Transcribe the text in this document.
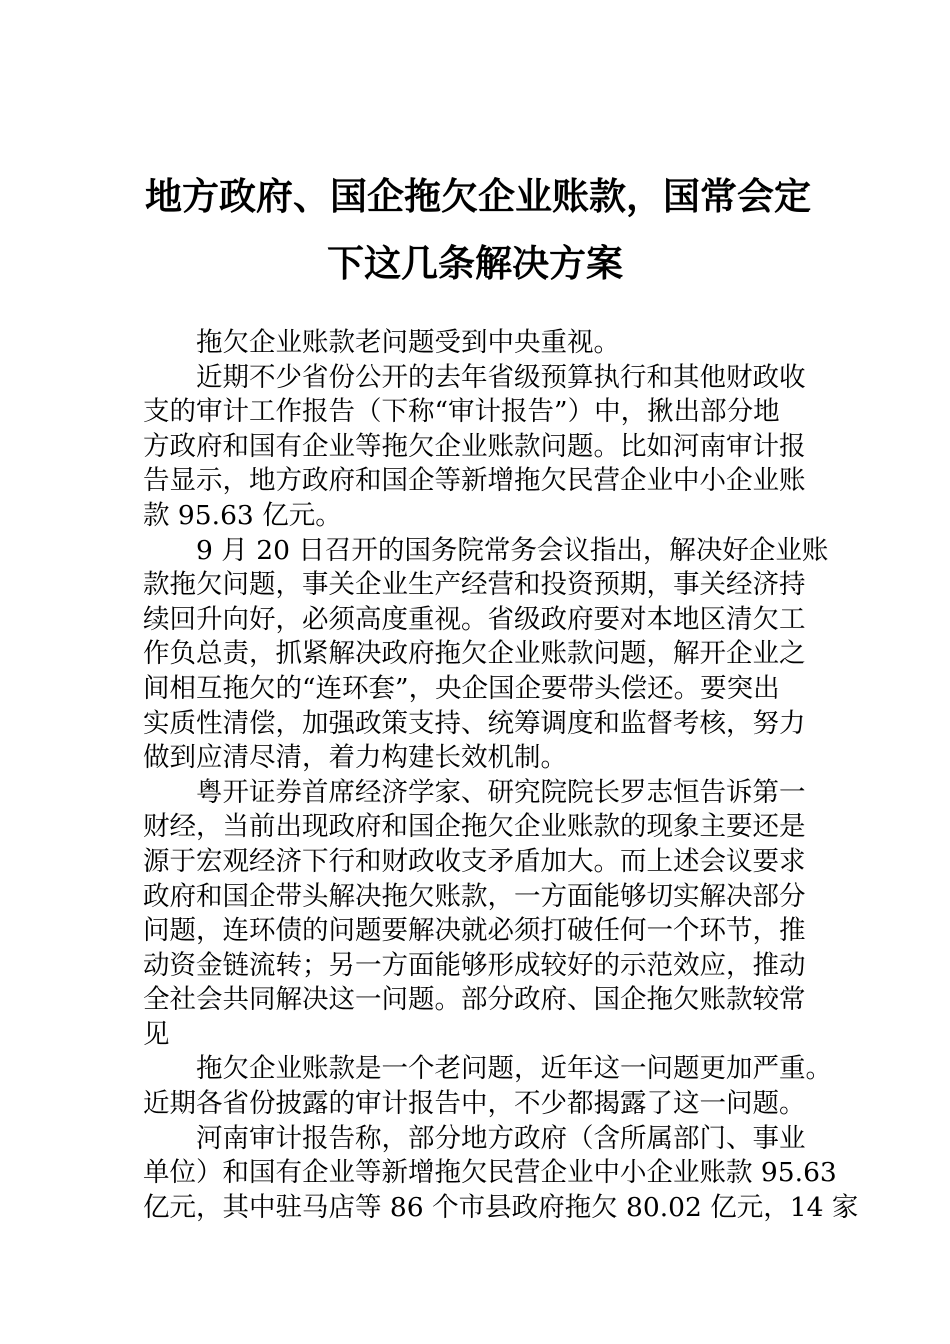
地方政府、国企拖欠企业账款，国常会定
下这几条解决方案
拖欠企业账款老问题受到中央重视。
近期不少省份公开的去年省级预算执行和其他财政收
支的审计工作报告（下称“审计报告”）中，揪出部分地
方政府和国有企业等拖欠企业账款问题。比如河南审计报
告显示，地方政府和国企等新增拖欠民营企业中小企业账
款 95.63 亿元。
9 月 20 日召开的国务院常务会议指出，解决好企业账
款拖欠问题，事关企业生产经营和投资预期，事关经济持
续回升向好，必须高度重视。省级政府要对本地区清欠工
作负总责，抓紧解决政府拖欠企业账款问题，解开企业之
间相互拖欠的“连环套”，央企国企要带头偿还。要突出
实质性清偿，加强政策支持、统筹调度和监督考核，努力
做到应清尽清，着力构建长效机制。
粤开证券首席经济学家、研究院院长罗志恒告诉第一
财经，当前出现政府和国企拖欠企业账款的现象主要还是
源于宏观经济下行和财政收支矛盾加大。而上述会议要求
政府和国企带头解决拖欠账款，一方面能够切实解决部分
问题，连环债的问题要解决就必须打破任何一个环节，推
动资金链流转；另一方面能够形成较好的示范效应，推动
全社会共同解决这一问题。部分政府、国企拖欠账款较常
见
拖欠企业账款是一个老问题，近年这一问题更加严重。
近期各省份披露的审计报告中，不少都揭露了这一问题。
河南审计报告称，部分地方政府（含所属部门、事业
单位）和国有企业等新增拖欠民营企业中小企业账款 95.63
亿元，其中驻马店等 86 个市县政府拖欠 80.02 亿元，14 家
